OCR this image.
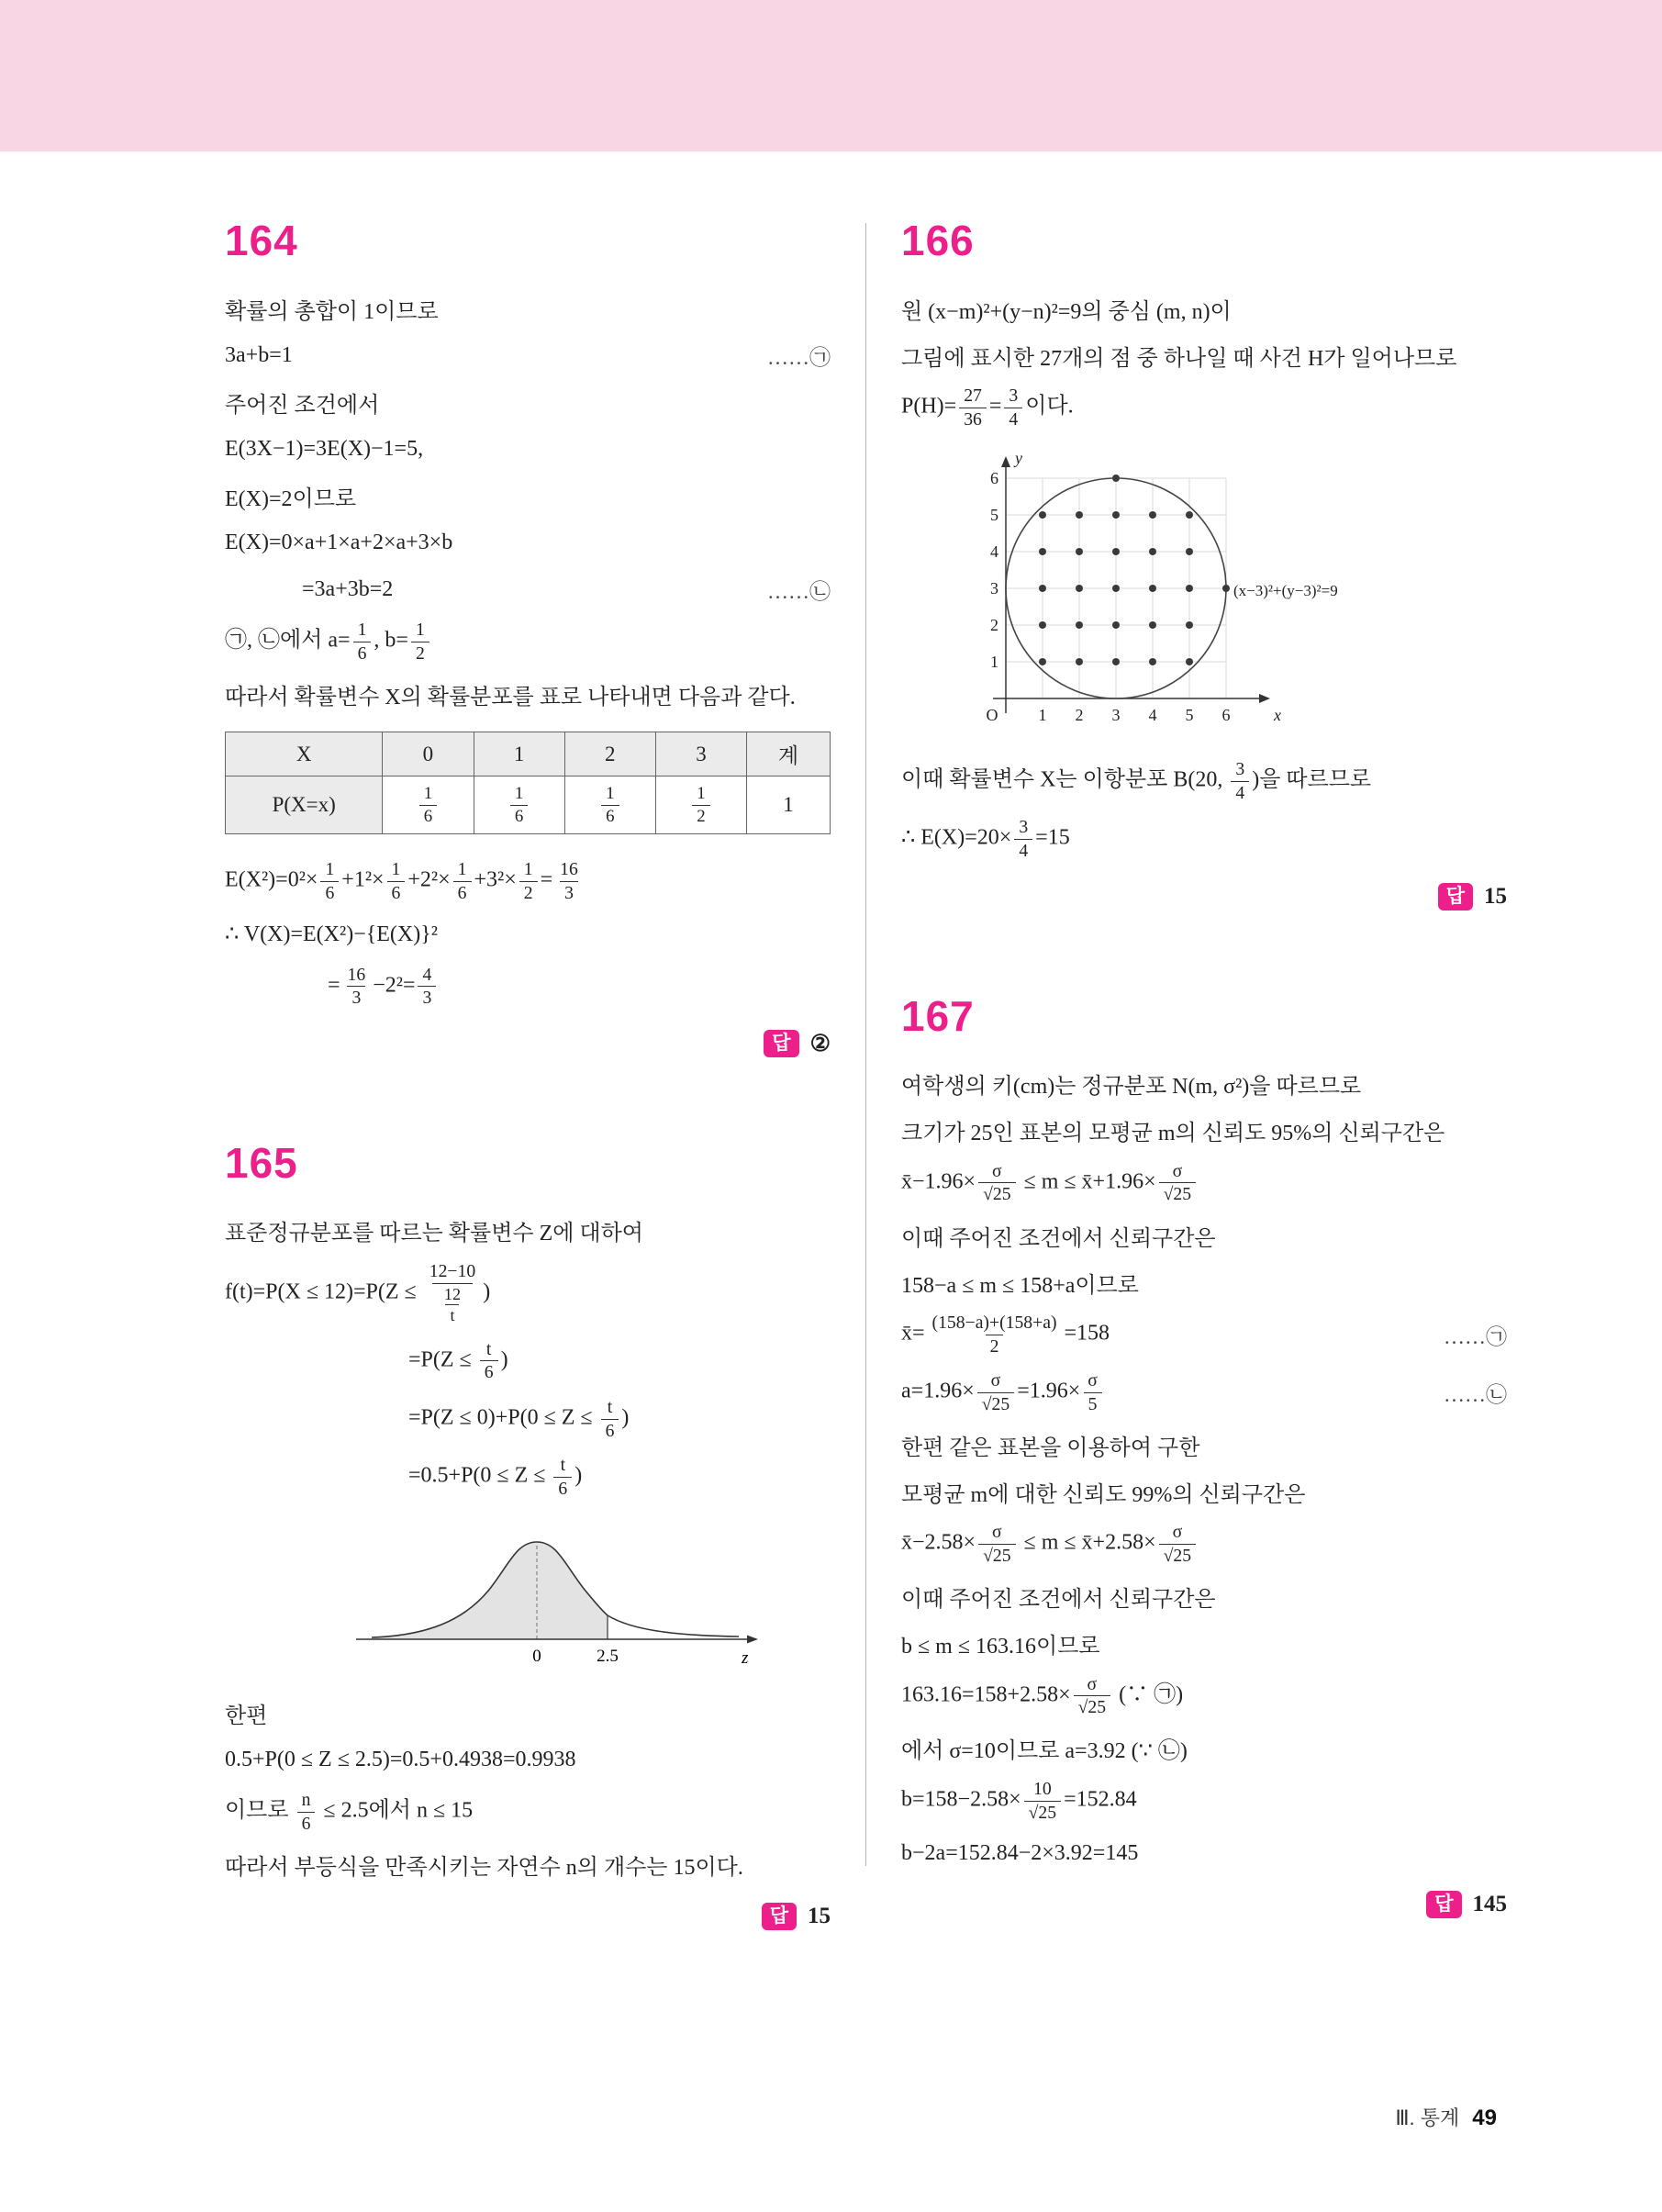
164
확률의 총합이 1이므로
3a+b=1	……㉠
주어진 조건에서
E(3X−1)=3E(X)−1=5,
E(X)=2이므로
E(X)=0×a+1×a+2×a+3×b
=3a+3b=2	……㉡
㉠, ㉡에서 $a= \frac{1}{6}$ , $b= \frac{1}{2}$
따라서 확률변수 X의 확률분포를 표로 나타내면 다음과 같다.
X	0	1	2	3	계
P(X=x)	$\frac{1}{6}$	$\frac{1}{6}$	$\frac{1}{6}$	$\frac{1}{2}$	1
$E(X^2)=0^2\times \frac{1}{6} +1^2\times \frac{1}{6} +2^2\times \frac{1}{6} +3^2\times \frac{1}{2} = \frac{16}{3}$
∴ V(X)=E(X²)−{E(X)}²
= $\frac{16}{3} -2^2= \frac{4}{3}$
답 ②
165
표준정규분포를 따르는 확률변수 Z에 대하여
$f(t)=P(X \le 12)=P(Z \le \frac{12-10}{\frac{12}{t}}$ )
$=P(Z \le \frac{t}{6}$ )
$=P(Z \le 0)+P(0 \le Z \le \frac{t}{6}$ )
$=0.5+P(0 \le Z \le \frac{t}{6}$ )
0	2.5	z
한편
0.5+P(0 ≤ Z ≤ 2.5)=0.5+0.4938=0.9938
이므로 $\frac{n}{6} \le 2.5$에서 n ≤ 15
따라서 부등식을 만족시키는 자연수 n의 개수는 15이다.
답 15
166
원 (x−m)²+(y−n)²=9의 중심 (m, n)이
그림에 표시한 27개의 점 중 하나일 때 사건 H가 일어나므로
$P(H)= \frac{27}{36} = \frac{3}{4}$ 이다.
1 2 3 4 5 6
1
2
3
4
5
6
O	x
y
(x−3)²+(y−3)²=9
이때 확률변수 X는 이항분포 B(20, $\frac{3}{4}$ )을 따르므로
∴ $E(X)=20\times \frac{3}{4} =15$
답 15
167
여학생의 키(cm)는 정규분포 N(m, σ²)을 따르므로
크기가 25인 표본의 모평균 m의 신뢰도 95%의 신뢰구간은
x̄−1.96× $\frac{\sigma}{√25} \le m$ ≤ x̄+1.96× $\frac{\sigma}{√25}$
이때 주어진 조건에서 신뢰구간은
158−a ≤ m ≤ 158+a이므로
x̄= $\frac{(158-a)+(158+a)}{2} =158$	……㉠
$a=1.96\times \frac{\sigma}{√25} =1.96\times \frac{\sigma}{5}$	……㉡
한편 같은 표본을 이용하여 구한
모평균 m에 대한 신뢰도 99%의 신뢰구간은
x̄−2.58× $\frac{\sigma}{√25} \le m$ ≤ x̄+2.58× $\frac{\sigma}{√25}$
이때 주어진 조건에서 신뢰구간은
b ≤ m ≤ 163.16이므로
$163.16=158+2.58\times \frac{\sigma}{√25}$ (∵ ㉠)
에서 σ=10이므로 a=3.92 (∵ ㉡)
$b=158-2.58\times \frac{10}{√25} =152.84$
b−2a=152.84−2×3.92=145
답 145
Ⅲ. 통계 49
